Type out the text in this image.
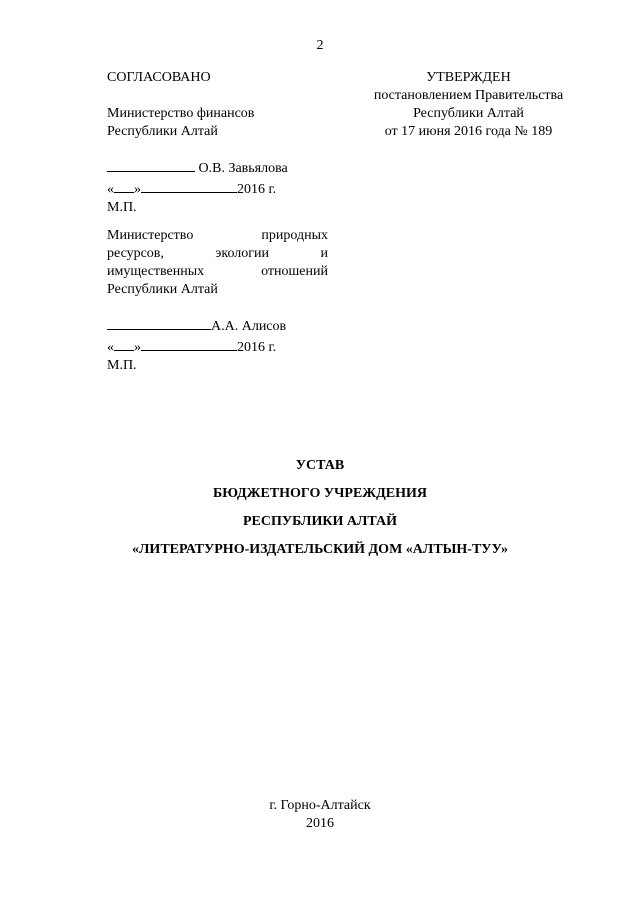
2
СОГЛАСОВАНО
Министерство финансов
Республики Алтай
О.В. Завьялова
« »	2016 г.
М.П.
Министерство	природных
ресурсов,	экологии	и
имущественных	отношений
Республики Алтай
А.А. Алисов
« »	2016 г.
М.П.
УТВЕРЖДЕН
постановлением Правительства
Республики Алтай
от 17 июня 2016 года № 189
УСТАВ
БЮДЖЕТНОГО УЧРЕЖДЕНИЯ
РЕСПУБЛИКИ АЛТАЙ
«ЛИТЕРАТУРНО-ИЗДАТЕЛЬСКИЙ ДОМ «АЛТЫН-ТУУ»
г. Горно-Алтайск
2016
